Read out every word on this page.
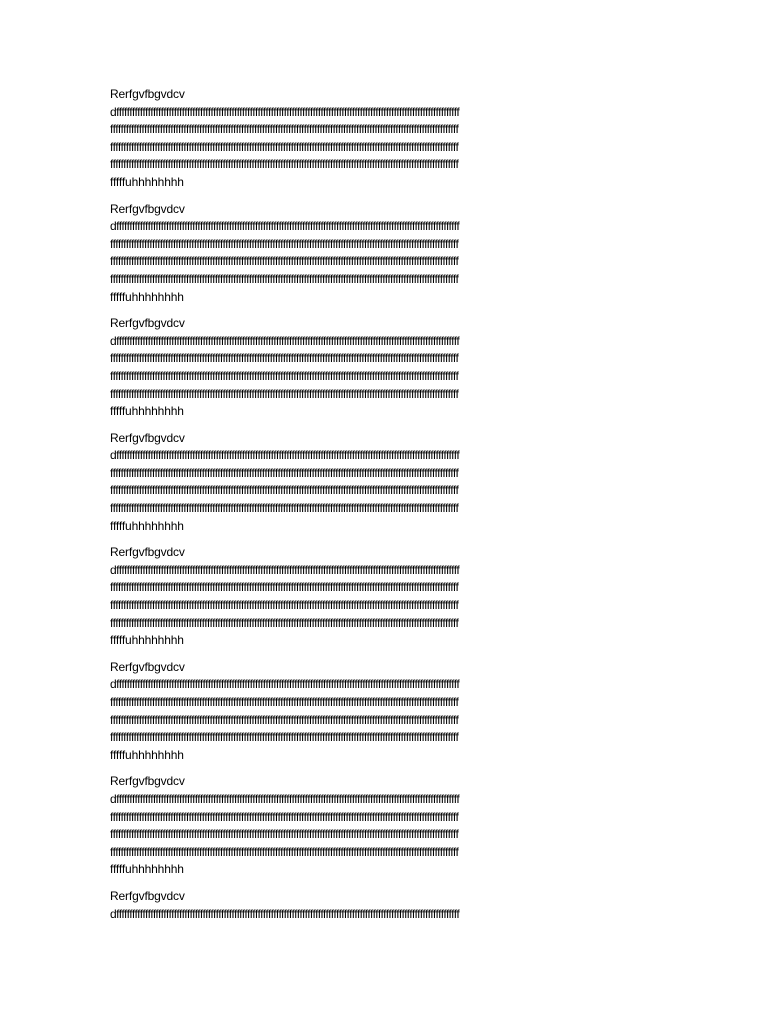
Rerfgvfbgvdcv
dfffffffffffffffffffffffffffffffffffffffffffffffffffffffffffffffffffffffffffffffffffffffffffffffffffffffffffffffffffffffffffffffffff
fffffffffffffffffffffffffffffffffffffffffffffffffffffffffffffffffffffffffffffffffffffffffffffffffffffffffffffffffffffffffffffffffffff
fffffffffffffffffffffffffffffffffffffffffffffffffffffffffffffffffffffffffffffffffffffffffffffffffffffffffffffffffffffffffffffffffffff
fffffffffffffffffffffffffffffffffffffffffffffffffffffffffffffffffffffffffffffffffffffffffffffffffffffffffffffffffffffffffffffffffffff
fffffuhhhhhhhh
Rerfgvfbgvdcv
dfffffffffffffffffffffffffffffffffffffffffffffffffffffffffffffffffffffffffffffffffffffffffffffffffffffffffffffffffffffffffffffffffff
fffffffffffffffffffffffffffffffffffffffffffffffffffffffffffffffffffffffffffffffffffffffffffffffffffffffffffffffffffffffffffffffffffff
fffffffffffffffffffffffffffffffffffffffffffffffffffffffffffffffffffffffffffffffffffffffffffffffffffffffffffffffffffffffffffffffffffff
fffffffffffffffffffffffffffffffffffffffffffffffffffffffffffffffffffffffffffffffffffffffffffffffffffffffffffffffffffffffffffffffffffff
fffffuhhhhhhhh
Rerfgvfbgvdcv
dfffffffffffffffffffffffffffffffffffffffffffffffffffffffffffffffffffffffffffffffffffffffffffffffffffffffffffffffffffffffffffffffffff
fffffffffffffffffffffffffffffffffffffffffffffffffffffffffffffffffffffffffffffffffffffffffffffffffffffffffffffffffffffffffffffffffffff
fffffffffffffffffffffffffffffffffffffffffffffffffffffffffffffffffffffffffffffffffffffffffffffffffffffffffffffffffffffffffffffffffffff
fffffffffffffffffffffffffffffffffffffffffffffffffffffffffffffffffffffffffffffffffffffffffffffffffffffffffffffffffffffffffffffffffffff
fffffuhhhhhhhh
Rerfgvfbgvdcv
dfffffffffffffffffffffffffffffffffffffffffffffffffffffffffffffffffffffffffffffffffffffffffffffffffffffffffffffffffffffffffffffffffff
fffffffffffffffffffffffffffffffffffffffffffffffffffffffffffffffffffffffffffffffffffffffffffffffffffffffffffffffffffffffffffffffffffff
fffffffffffffffffffffffffffffffffffffffffffffffffffffffffffffffffffffffffffffffffffffffffffffffffffffffffffffffffffffffffffffffffffff
fffffffffffffffffffffffffffffffffffffffffffffffffffffffffffffffffffffffffffffffffffffffffffffffffffffffffffffffffffffffffffffffffffff
fffffuhhhhhhhh
Rerfgvfbgvdcv
dfffffffffffffffffffffffffffffffffffffffffffffffffffffffffffffffffffffffffffffffffffffffffffffffffffffffffffffffffffffffffffffffffff
fffffffffffffffffffffffffffffffffffffffffffffffffffffffffffffffffffffffffffffffffffffffffffffffffffffffffffffffffffffffffffffffffffff
fffffffffffffffffffffffffffffffffffffffffffffffffffffffffffffffffffffffffffffffffffffffffffffffffffffffffffffffffffffffffffffffffffff
fffffffffffffffffffffffffffffffffffffffffffffffffffffffffffffffffffffffffffffffffffffffffffffffffffffffffffffffffffffffffffffffffffff
fffffuhhhhhhhh
Rerfgvfbgvdcv
dfffffffffffffffffffffffffffffffffffffffffffffffffffffffffffffffffffffffffffffffffffffffffffffffffffffffffffffffffffffffffffffffffff
fffffffffffffffffffffffffffffffffffffffffffffffffffffffffffffffffffffffffffffffffffffffffffffffffffffffffffffffffffffffffffffffffffff
fffffffffffffffffffffffffffffffffffffffffffffffffffffffffffffffffffffffffffffffffffffffffffffffffffffffffffffffffffffffffffffffffffff
fffffffffffffffffffffffffffffffffffffffffffffffffffffffffffffffffffffffffffffffffffffffffffffffffffffffffffffffffffffffffffffffffffff
fffffuhhhhhhhh
Rerfgvfbgvdcv
dfffffffffffffffffffffffffffffffffffffffffffffffffffffffffffffffffffffffffffffffffffffffffffffffffffffffffffffffffffffffffffffffffff
fffffffffffffffffffffffffffffffffffffffffffffffffffffffffffffffffffffffffffffffffffffffffffffffffffffffffffffffffffffffffffffffffffff
fffffffffffffffffffffffffffffffffffffffffffffffffffffffffffffffffffffffffffffffffffffffffffffffffffffffffffffffffffffffffffffffffffff
fffffffffffffffffffffffffffffffffffffffffffffffffffffffffffffffffffffffffffffffffffffffffffffffffffffffffffffffffffffffffffffffffffff
fffffuhhhhhhhh
Rerfgvfbgvdcv
dfffffffffffffffffffffffffffffffffffffffffffffffffffffffffffffffffffffffffffffffffffffffffffffffffffffffffffffffffffffffffffffffffff
